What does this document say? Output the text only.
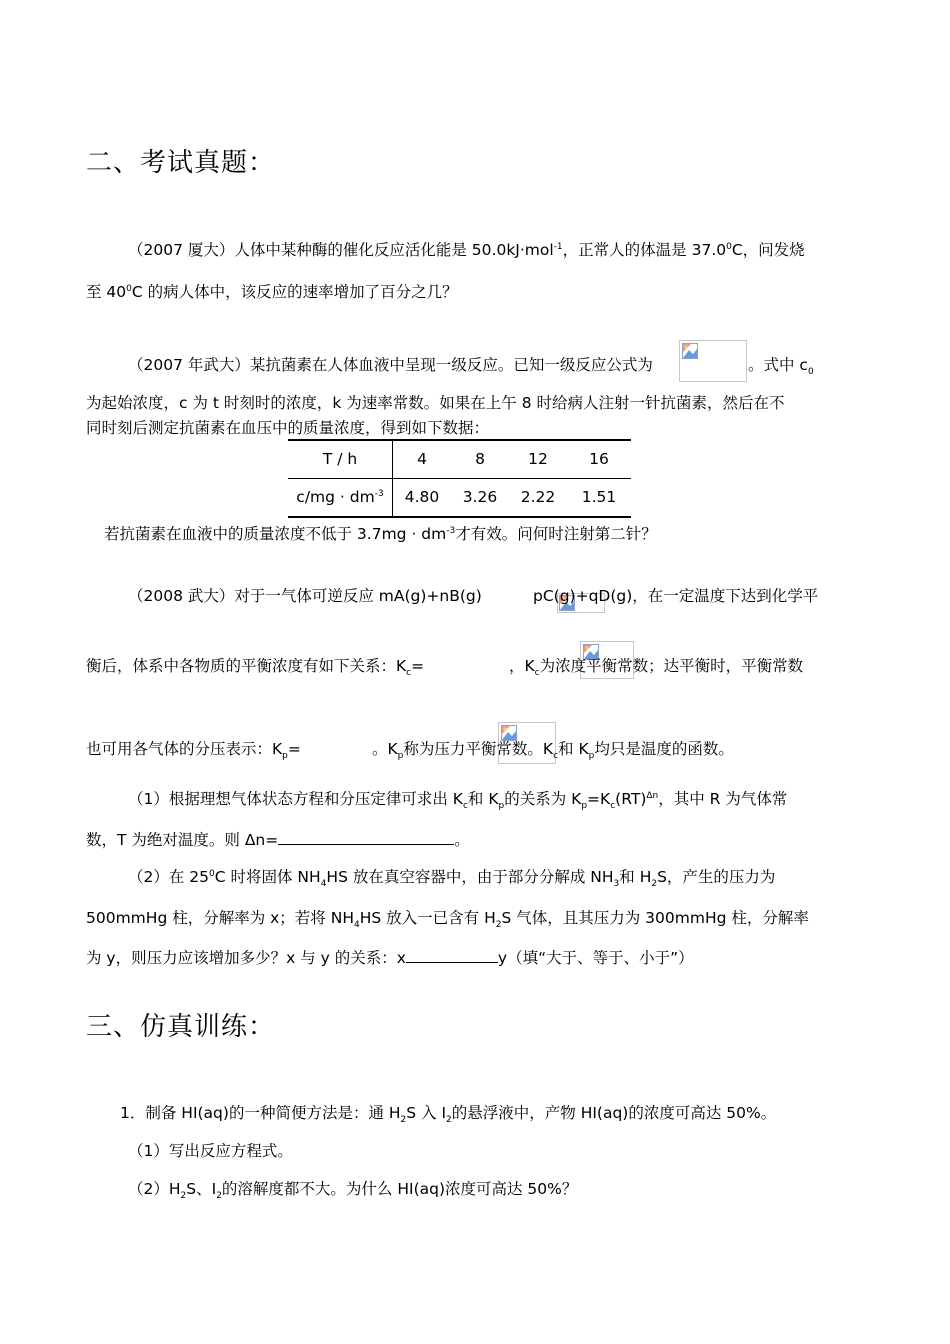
二、考试真题：
（2007 厦大）人体中某种酶的催化反应活化能是 50.0kJ·mol$^{-1}$，正常人的体温是 37.0$^0$C，问发烧
至 $40^0C$ 的病人体中，该反应的速率增加了百分之几？
（2007 年武大）某抗菌素在人体血液中呈现一级反应。已知一级反应公式为
	。式中 $c_0$
为起始浓度，c 为 t 时刻时的浓度，k 为速率常数。如果在上午 8 时给病人注射一针抗菌素，然后在不
同时刻后测定抗菌素在血压中的质量浓度，得到如下数据：
T / h	4	8	12	16
$c/mg \cdot dm^{-3}$	4.80	3.26	2.22	1.51
若抗菌素在血液中的质量浓度不低于 $3.7mg \cdot dm^{-3}$才有效。问何时注射第二针？
（2008 武大）对于一气体可逆反应 mA(g)+nB(g)
	pC(g)+qD(g)，在一定温度下达到化学平
衡后，体系中各物质的平衡浓度有如下关系：$K_c=$
	，$K_c$为浓度平衡常数；达平衡时，平衡常数
也可用各气体的分压表示：$K_p=$	。$K_p$称为压力平衡常数。$K_c$和 $K_p$均只是温度的函数。
（1）根据理想气体状态方程和分压定律可求出 $K_c$和 $K_p$的关系为 $K_p=K_c(RT)^{\Delta n}$，其中 R 为气体常
数，T 为绝对温度。则 Δn=	。
（2）在 $25^0C$ 时将固体 $NH_4HS$ 放在真空容器中，由于部分分解成 $NH_3$和 $H_2S$，产生的压力为
500mmHg 柱，分解率为 x；若将 $NH_4HS$ 放入一已含有 $H_2S$ 气体，且其压力为 300mmHg 柱，分解率
为 y，则压力应该增加多少？x 与 y 的关系：x	y（填“大于、等于、小于”）
三、仿真训练：
1．制备 HI(aq)的一种简便方法是：通 $H_2S$ 入 $I_2$的悬浮液中，产物 HI(aq)的浓度可高达 50%。
（1）写出反应方程式。
$(2)H_2S$、$I_2$的溶解度都不大。为什么 HI(aq)浓度可高达 50%？
